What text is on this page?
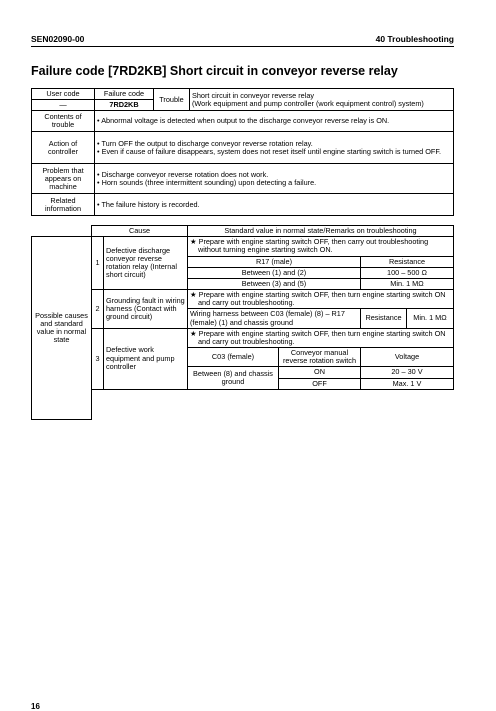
SEN02090-00	40 Troubleshooting
Failure code [7RD2KB] Short circuit in conveyor reverse relay
User code	Failure code	Trouble	Short circuit in conveyor reverse relay
(Work equipment and pump controller (work equipment control) system)

—	7RD2KB		
Contents of trouble	• Abnormal voltage is detected when output to the discharge conveyor reverse relay is ON.		

Action of controller	• Turn OFF the output to discharge conveyor reverse rotation relay.
• Even if cause of failure disappears, system does not reset itself until engine starting switch is turned OFF.		

Problem that appears on machine	• Discharge conveyor reverse rotation does not work.
• Horn sounds (three intermittent sounding) upon detecting a failure.		

Related information	• The failure history is recorded.		
	Cause		Standard value in normal state/Remarks on troubleshooting			
Possible causes and standard value in normal state	1	Defective discharge conveyor reverse rotation relay (Internal short circuit)	★ Prepare with engine starting switch OFF, then carry out troubleshooting without turning engine starting switch ON.			

			R17 (male)		Resistance	
			Between (1) and (2)		100 – 500 Ω	
			Between (3) and (5)		Min. 1 MΩ	
	2	Grounding fault in wiring harness (Contact with ground circuit)	★ Prepare with engine starting switch OFF, then turn engine starting switch ON and carry out troubleshooting.			

			Wiring harness between C03 (female) (8) – R17 (female) (1) and chassis ground		Resistance	Min. 1 MΩ
	3	Defective work equipment and pump controller	★ Prepare with engine starting switch OFF, then turn engine starting switch ON and carry out troubleshooting.			

			C03 (female)	Conveyor manual reverse rotation switch	Voltage	
			Between (8) and chassis ground	ON	20 – 30 V	
				OFF	Max. 1 V	

16
